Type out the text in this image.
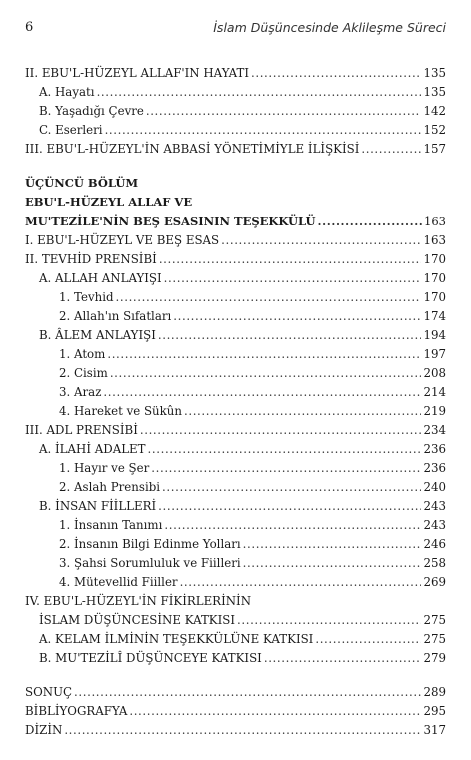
6	İslam Düşüncesinde Akli̇leşme Süreci
II. EBU'L-HÜZEYL ALLAF'IN HAYATI .....	135
A. Hayatı .....	135
B. Yaşadığı Çevre .....	142
C. Eserleri .....	152
III. EBU'L-HÜZEYL'İN ABBASİ YÖNETİMİYLE İLİŞKİSİ .....	157
ÜÇÜNCÜ BÖLÜM
EBU'L-HÜZEYL ALLAF VE
MU'TEZİLE'NİN BEŞ ESASININ TEŞEKKÜLÜ .....	163
I. EBU'L-HÜZEYL VE BEŞ ESAS .....	163
II. TEVHİD PRENSİBİ .....	170
A. ALLAH ANLAYIŞI .....	170
1. Tevhid .....	170
2. Allah'ın Sıfatları .....	174
B. ÂLEM ANLAYIŞI .....	194
1. Atom .....	197
2. Cisim .....	208
3. Araz .....	214
4. Hareket ve Sükûn .....	219
III. ADL PRENSİBİ .....	234
A. İLAHİ ADALET .....	236
1. Hayır ve Şer .....	236
2. Aslah Prensibi .....	240
B. İNSAN FİİLLERİ .....	243
1. İnsanın Tanımı .....	243
2. İnsanın Bilgi Edinme Yolları .....	246
3. Şahsi Sorumluluk ve Fiilleri .....	258
4. Mütevellid Fiiller .....	269
IV. EBU'L-HÜZEYL'İN FİKİRLERİNİN
İSLAM DÜŞÜNCESİNE KATKISI .....	275
A. KELAM İLMİNİN TEŞEKKÜLÜNE KATKISI .....	275
B. MU'TEZİLÎ DÜŞÜNCEYE KATKISI .....	279
SONUÇ .....	289
BİBLİYOGRAFYA .....	295
DİZİN .....	317
